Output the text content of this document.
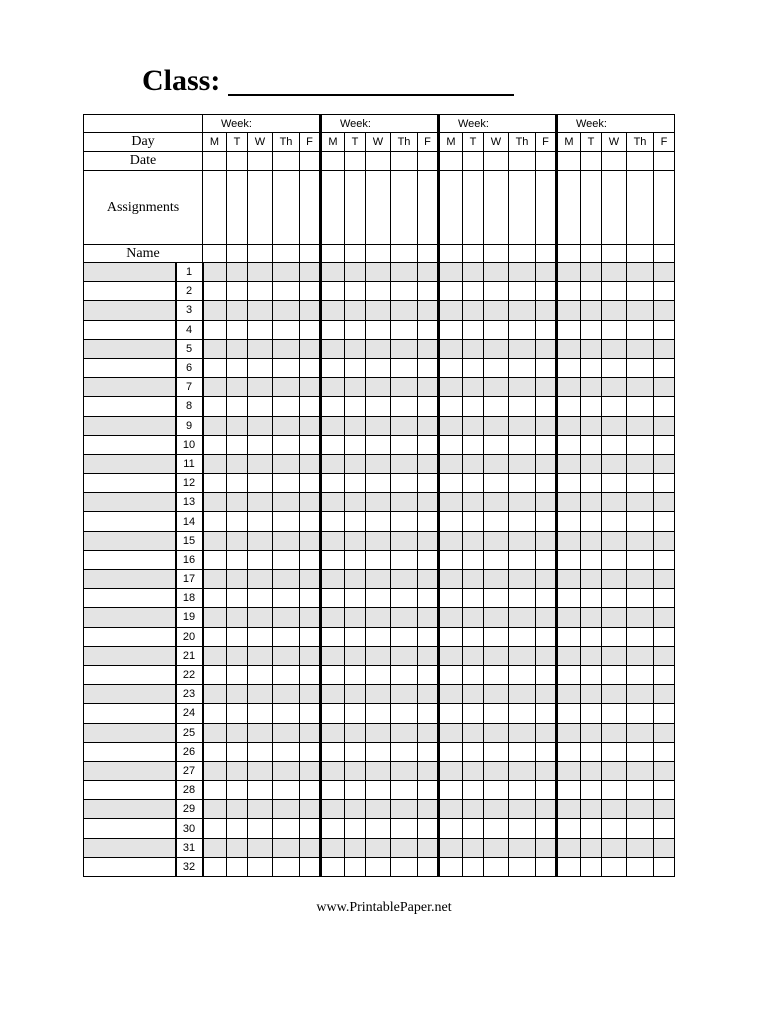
Class:
		Week:					Week:					Week:					Week:				
Day		M	T	W	Th	F	M	T	W	Th	F	M	T	W	Th	F	M	T	W	Th	F
Date																					
Assignments																					
Name																					
	1																				
	2																				
	3																				
	4																				
	5																				
	6																				
	7																				
	8																				
	9																				
	10																				
	11																				
	12																				
	13																				
	14																				
	15																				
	16																				
	17																				
	18																				
	19																				
	20																				
	21																				
	22																				
	23																				
	24																				
	25																				
	26																				
	27																				
	28																				
	29																				
	30																				
	31																				
	32																				
www.PrintablePaper.net
